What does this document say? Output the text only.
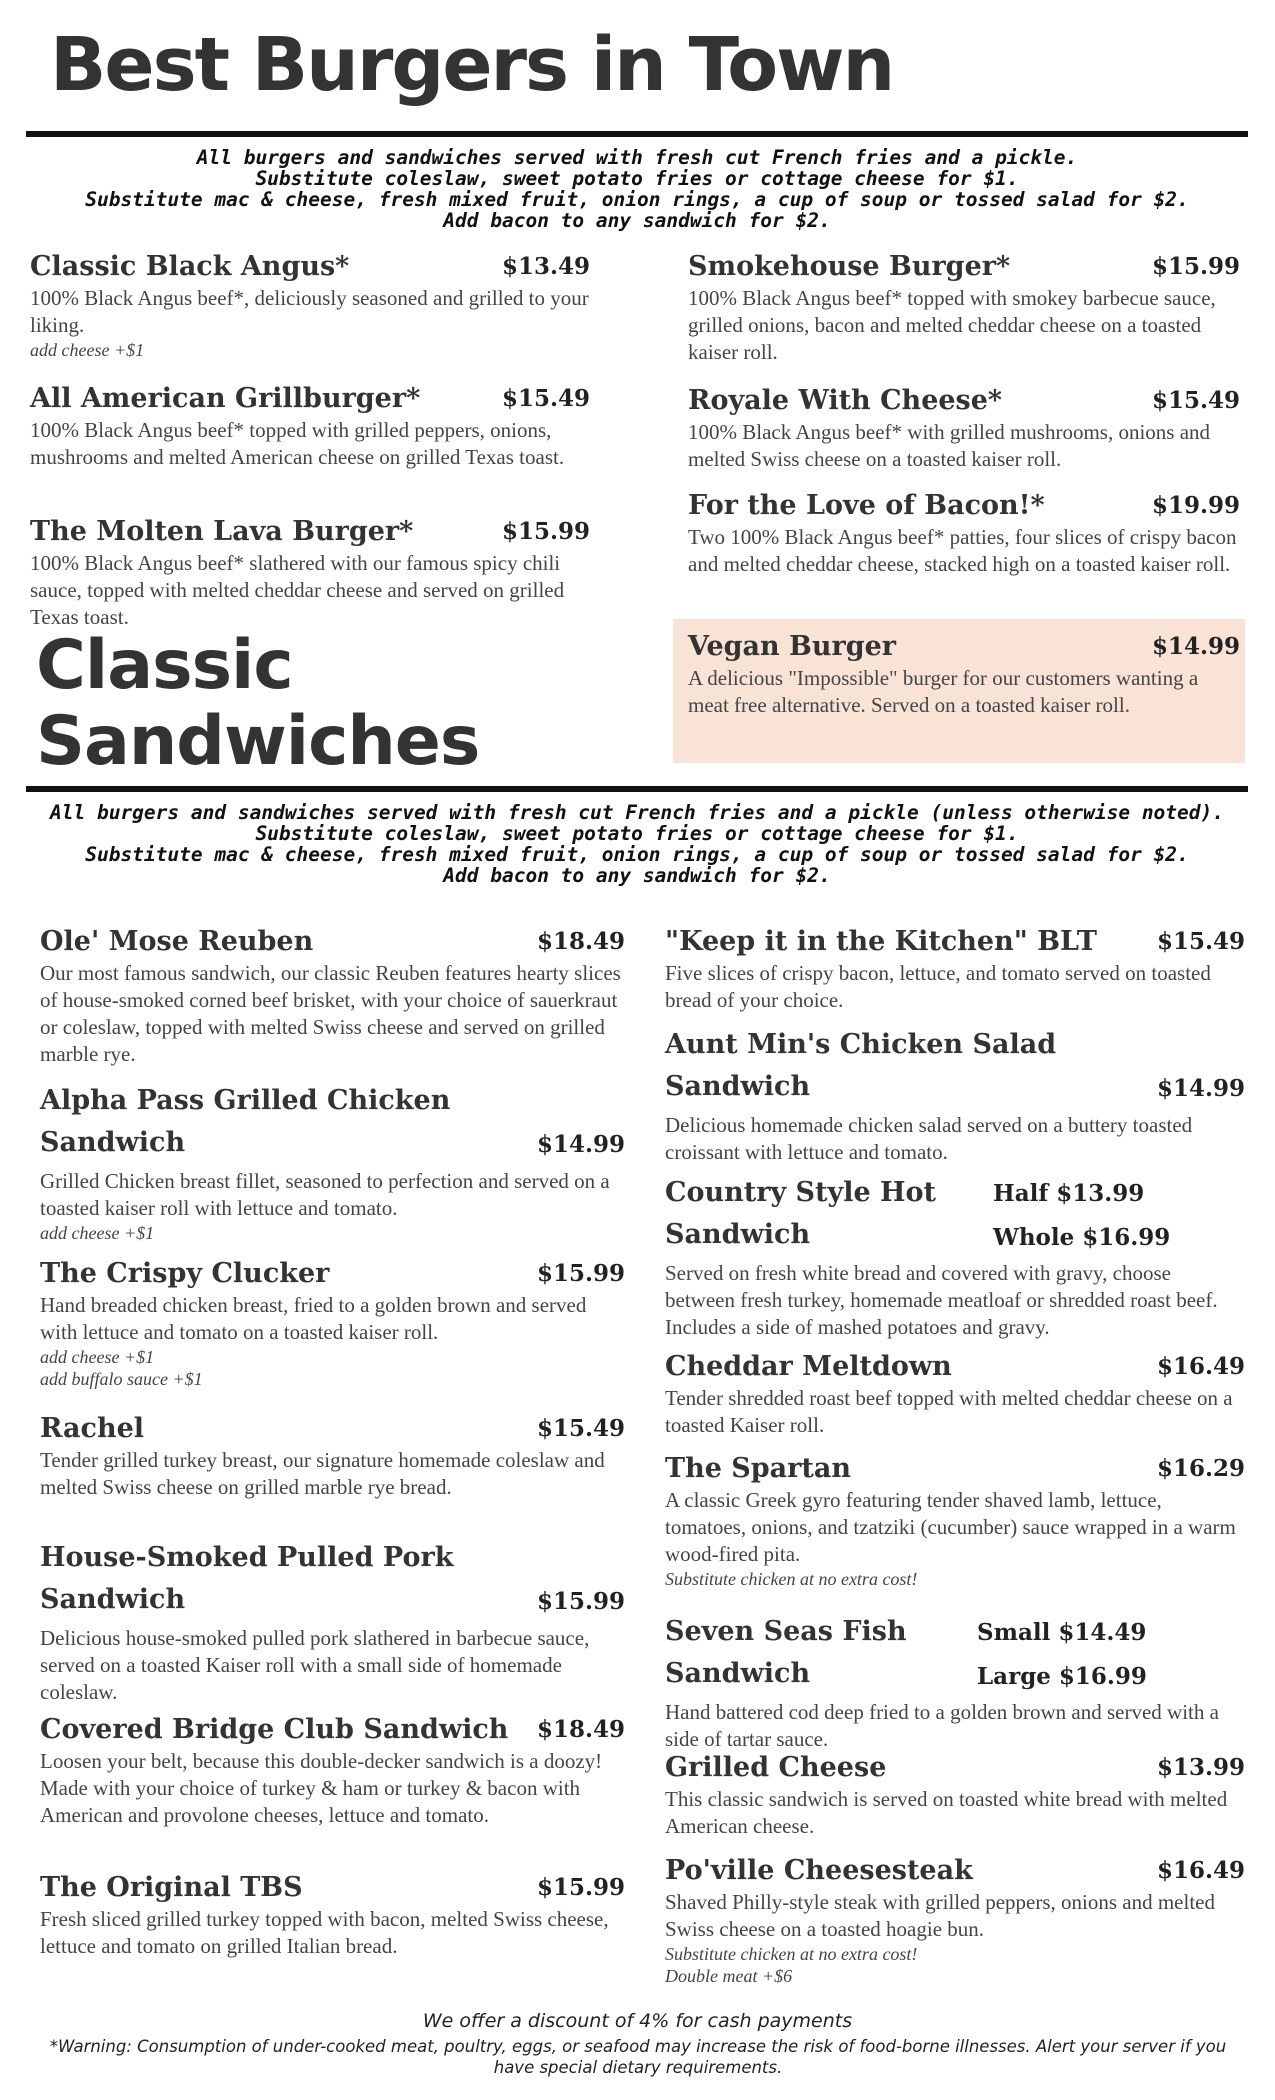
Best Burgers in Town
All burgers and sandwiches served with fresh cut French fries and a pickle.
Substitute coleslaw, sweet potato fries or cottage cheese for $1.
Substitute mac & cheese, fresh mixed fruit, onion rings, a cup of soup or tossed salad for $2.
Add bacon to any sandwich for $2.
Classic Black Angus*	$13.49
100% Black Angus beef*, deliciously seasoned and grilled to your liking.
add cheese +$1
All American Grillburger*	$15.49
100% Black Angus beef* topped with grilled peppers, onions, mushrooms and melted American cheese on grilled Texas toast.
The Molten Lava Burger*	$15.99
100% Black Angus beef* slathered with our famous spicy chili sauce, topped with melted cheddar cheese and served on grilled Texas toast.
Smokehouse Burger*	$15.99
100% Black Angus beef* topped with smokey barbecue sauce, grilled onions, bacon and melted cheddar cheese on a toasted kaiser roll.
Royale With Cheese*	$15.49
100% Black Angus beef* with grilled mushrooms, onions and melted Swiss cheese on a toasted kaiser roll.
For the Love of Bacon!*	$19.99
Two 100% Black Angus beef* patties, four slices of crispy bacon and melted cheddar cheese, stacked high on a toasted kaiser roll.
Vegan Burger	$14.99
A delicious "Impossible" burger for our customers wanting a meat free alternative. Served on a toasted kaiser roll.
Classic Sandwiches
All burgers and sandwiches served with fresh cut French fries and a pickle (unless otherwise noted).
Substitute coleslaw, sweet potato fries or cottage cheese for $1.
Substitute mac & cheese, fresh mixed fruit, onion rings, a cup of soup or tossed salad for $2.
Add bacon to any sandwich for $2.
Ole' Mose Reuben	$18.49
Our most famous sandwich, our classic Reuben features hearty slices of house-smoked corned beef brisket, with your choice of sauerkraut or coleslaw, topped with melted Swiss cheese and served on grilled marble rye.
Alpha Pass Grilled Chicken Sandwich	$14.99
Grilled Chicken breast fillet, seasoned to perfection and served on a toasted kaiser roll with lettuce and tomato.
add cheese +$1
The Crispy Clucker	$15.99
Hand breaded chicken breast, fried to a golden brown and served with lettuce and tomato on a toasted kaiser roll.
add cheese +$1
add buffalo sauce +$1
Rachel	$15.49
Tender grilled turkey breast, our signature homemade coleslaw and melted Swiss cheese on grilled marble rye bread.
House-Smoked Pulled Pork Sandwich	$15.99
Delicious house-smoked pulled pork slathered in barbecue sauce, served on a toasted Kaiser roll with a small side of homemade coleslaw.
Covered Bridge Club Sandwich	$18.49
Loosen your belt, because this double-decker sandwich is a doozy! Made with your choice of turkey & ham or turkey & bacon with American and provolone cheeses, lettuce and tomato.
The Original TBS	$15.99
Fresh sliced grilled turkey topped with bacon, melted Swiss cheese, lettuce and tomato on grilled Italian bread.
"Keep it in the Kitchen" BLT	$15.49
Five slices of crispy bacon, lettuce, and tomato served on toasted bread of your choice.
Aunt Min's Chicken Salad Sandwich	$14.99
Delicious homemade chicken salad served on a buttery toasted croissant with lettuce and tomato.
Country Style Hot Sandwich
Half $13.99
Whole $16.99
Served on fresh white bread and covered with gravy, choose between fresh turkey, homemade meatloaf or shredded roast beef. Includes a side of mashed potatoes and gravy.
Cheddar Meltdown	$16.49
Tender shredded roast beef topped with melted cheddar cheese on a toasted Kaiser roll.
The Spartan	$16.29
A classic Greek gyro featuring tender shaved lamb, lettuce, tomatoes, onions, and tzatziki (cucumber) sauce wrapped in a warm wood-fired pita.
Substitute chicken at no extra cost!
Seven Seas Fish Sandwich
Small $14.49
Large $16.99
Hand battered cod deep fried to a golden brown and served with a side of tartar sauce.
Grilled Cheese	$13.99
This classic sandwich is served on toasted white bread with melted American cheese.
Po'ville Cheesesteak	$16.49
Shaved Philly-style steak with grilled peppers, onions and melted Swiss cheese on a toasted hoagie bun.
Substitute chicken at no extra cost!
Double meat +$6
We offer a discount of 4% for cash payments
*Warning: Consumption of under-cooked meat, poultry, eggs, or seafood may increase the risk of food-borne illnesses. Alert your server if you have special dietary requirements.
